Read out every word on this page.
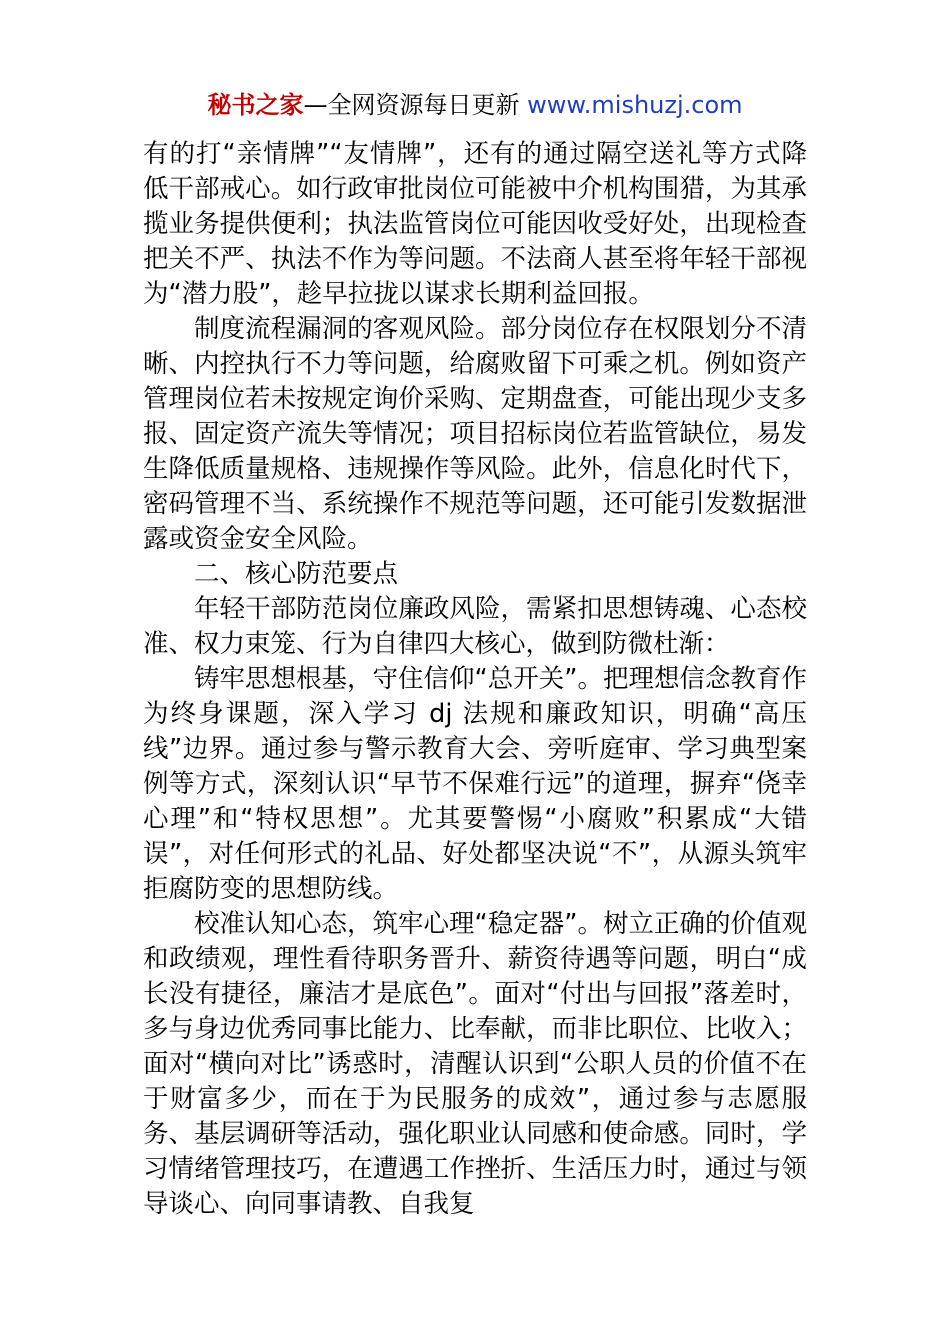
秘书之家—全网资源每日更新 www.mishuzj.com

有的打“亲情牌”“友情牌”，还有的通过隔空送礼等方式降低干部戒心。如行政审批岗位可能被中介机构围猎，为其承揽业务提供便利；执法监管岗位可能因收受好处，出现检查把关不严、执法不作为等问题。不法商人甚至将年轻干部视为“潜力股”，趁早拉拢以谋求长期利益回报。

制度流程漏洞的客观风险。部分岗位存在权限划分不清晰、内控执行不力等问题，给腐败留下可乘之机。例如资产管理岗位若未按规定询价采购、定期盘查，可能出现少支多报、固定资产流失等情况；项目招标岗位若监管缺位，易发生降低质量规格、违规操作等风险。此外，信息化时代下，密码管理不当、系统操作不规范等问题，还可能引发数据泄露或资金安全风险。

二、核心防范要点

年轻干部防范岗位廉政风险，需紧扣思想铸魂、心态校准、权力束笼、行为自律四大核心，做到防微杜渐：

铸牢思想根基，守住信仰“总开关”。把理想信念教育作为终身课题，深入学习 dj 法规和廉政知识，明确“高压线”边界。通过参与警示教育大会、旁听庭审、学习典型案例等方式，深刻认识“早节不保难行远”的道理，摒弃“侥幸心理”和“特权思想”。尤其要警惕“小腐败”积累成“大错误”，对任何形式的礼品、好处都坚决说“不”，从源头筑牢拒腐防变的思想防线。

校准认知心态，筑牢心理“稳定器”。树立正确的价值观和政绩观，理性看待职务晋升、薪资待遇等问题，明白“成长没有捷径，廉洁才是底色”。面对“付出与回报”落差时，多与身边优秀同事比能力、比奉献，而非比职位、比收入；面对“横向对比”诱惑时，清醒认识到“公职人员的价值不在于财富多少，而在于为民服务的成效”，通过参与志愿服务、基层调研等活动，强化职业认同感和使命感。同时，学习情绪管理技巧，在遭遇工作挫折、生活压力时，通过与领导谈心、向同事请教、自我复
